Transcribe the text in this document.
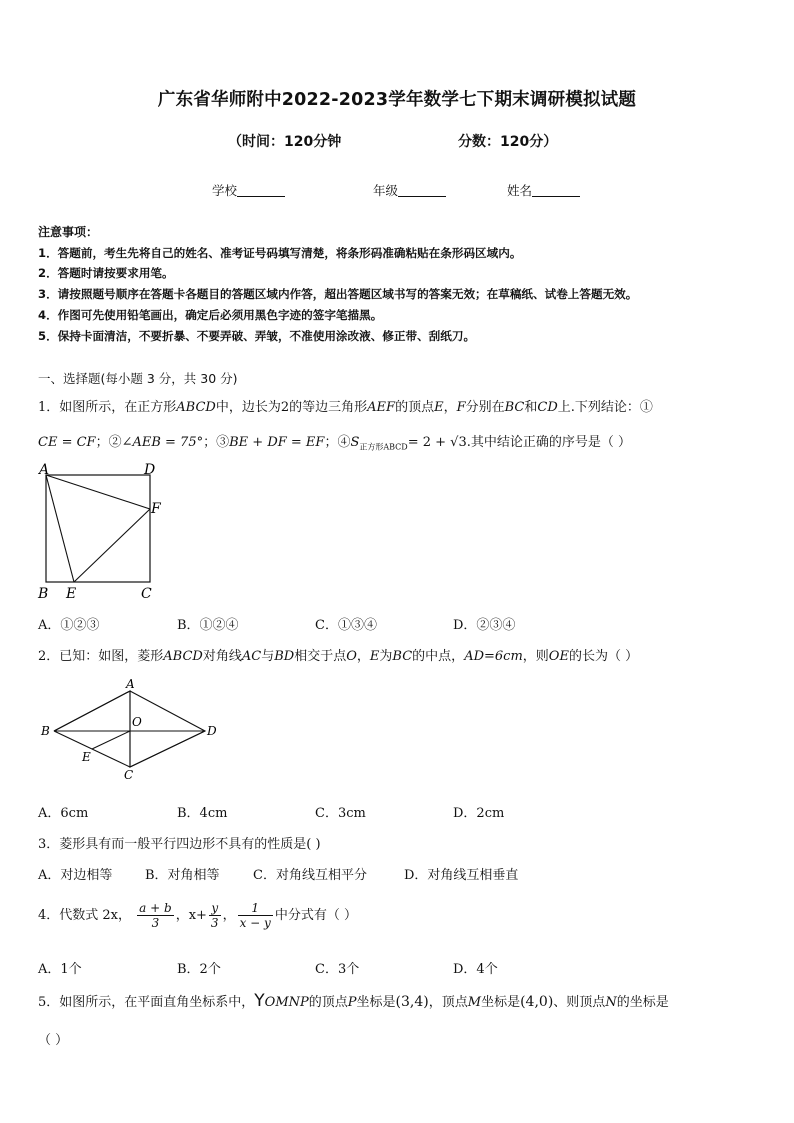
广东省华师附中2022-2023学年数学七下期末调研模拟试题
（时间：120分钟	分数：120分）
学校	年级	姓名
注意事项：
1．答题前，考生先将自己的姓名、准考证号码填写清楚，将条形码准确粘贴在条形码区域内。
2．答题时请按要求用笔。
3．请按照题号顺序在答题卡各题目的答题区域内作答，超出答题区域书写的答案无效；在草稿纸、试卷上答题无效。
4．作图可先使用铅笔画出，确定后必须用黑色字迹的签字笔描黑。
5．保持卡面清洁，不要折暴、不要弄破、弄皱，不准使用涂改液、修正带、刮纸刀。
一、选择题(每小题 3 分，共 30 分)
1．如图所示，在正方形ABCD中，边长为2的等边三角形AEF的顶点E，F分别在BC和CD上.下列结论：①
CE = CF；②∠AEB = 75°；③BE + DF = EF；$④S_{正方形ABCD}= 2 + √3$.其中结论正确的序号是（ ）
A	D
F
B E	C
A．①②③	B．①②④	C．①③④	D．②③④
2．已知：如图，菱形ABCD对角线AC与BD相交于点O，E为BC的中点，AD=6cm，则OE的长为（ ）
A
B
O
D
E
C
A．6cm	B．4cm	C．3cm	D．2cm
3．菱形具有而一般平行四边形不具有的性质是( )
A．对边相等	B．对角相等	C．对角线互相平分	D．对角线互相垂直
4．代数式 2x， $\frac{a + b}{3}$ ，$x+ \frac{y}{3}$ ， $\frac{1}{x - y}$ 中分式有（ ）
A．1个	B．2个	C．3个	D．4个
5．如图所示，在平面直角坐标系中，YOMNP的顶点P坐标是(3,4)，顶点M坐标是(4,0)、则顶点N的坐标是
（ ）
